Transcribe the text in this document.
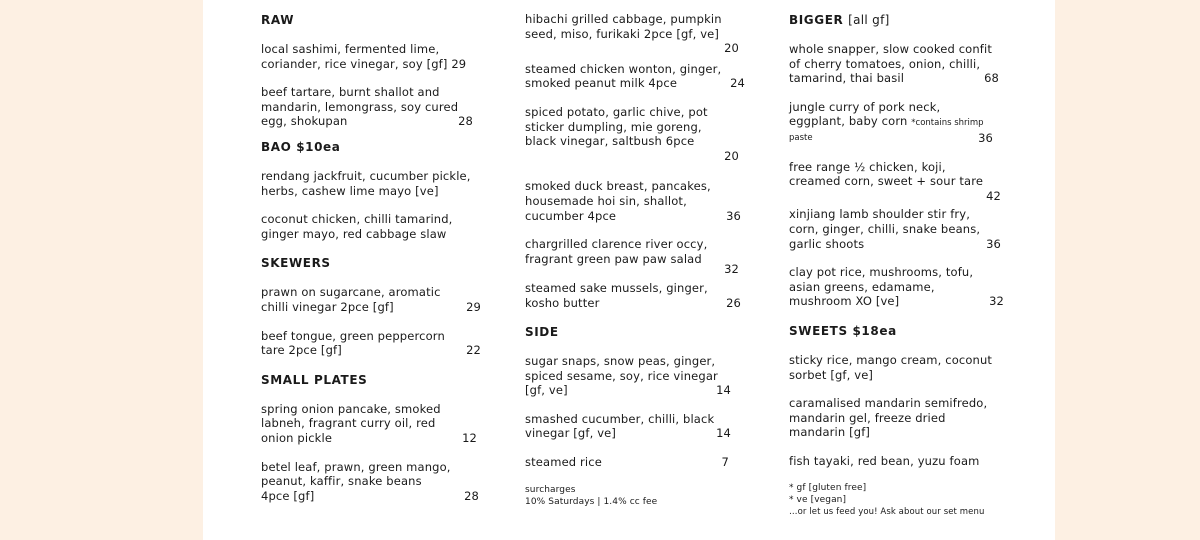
RAW
local sashimi, fermented lime,
coriander, rice vinegar, soy [gf] 29
beef tartare, burnt shallot and
mandarin, lemongrass, soy cured
egg, shokupan	28
BAO $10ea
rendang jackfruit, cucumber pickle,
herbs, cashew lime mayo [ve]
coconut chicken, chilli tamarind,
ginger mayo, red cabbage slaw
SKEWERS
prawn on sugarcane, aromatic
chilli vinegar 2pce [gf]	29
beef tongue, green peppercorn
tare 2pce [gf]	22
SMALL PLATES
spring onion pancake, smoked
labneh, fragrant curry oil, red
onion pickle	12
betel leaf, prawn, green mango,
peanut, kaffir, snake beans
4pce [gf]	28
hibachi grilled cabbage, pumpkin
seed, miso, furikaki 2pce [gf, ve]
20
steamed chicken wonton, ginger,
smoked peanut milk 4pce	24
spiced potato, garlic chive, pot
sticker dumpling, mie goreng,
black vinegar, saltbush 6pce
20
smoked duck breast, pancakes,
housemade hoi sin, shallot,
cucumber 4pce	36
chargrilled clarence river occy,
fragrant green paw paw salad
32
steamed sake mussels, ginger,
kosho butter	26
SIDE
sugar snaps, snow peas, ginger,
spiced sesame, soy, rice vinegar
[gf, ve]	14
smashed cucumber, chilli, black
vinegar [gf, ve]	14
steamed rice	7
surcharges
10% Saturdays | 1.4% cc fee
BIGGER [all gf]
whole snapper, slow cooked confit
of cherry tomatoes, onion, chilli,
tamarind, thai basil	68
jungle curry of pork neck,
eggplant, baby corn *contains shrimp
paste	36
free range ½ chicken, koji,
creamed corn, sweet + sour tare
42
xinjiang lamb shoulder stir fry,
corn, ginger, chilli, snake beans,
garlic shoots	36
clay pot rice, mushrooms, tofu,
asian greens, edamame,
mushroom XO [ve]	32
SWEETS $18ea
sticky rice, mango cream, coconut
sorbet [gf, ve]
caramalised mandarin semifredo,
mandarin gel, freeze dried
mandarin [gf]
fish tayaki, red bean, yuzu foam
* gf [gluten free]
* ve [vegan]
…or let us feed you! Ask about our set menu
